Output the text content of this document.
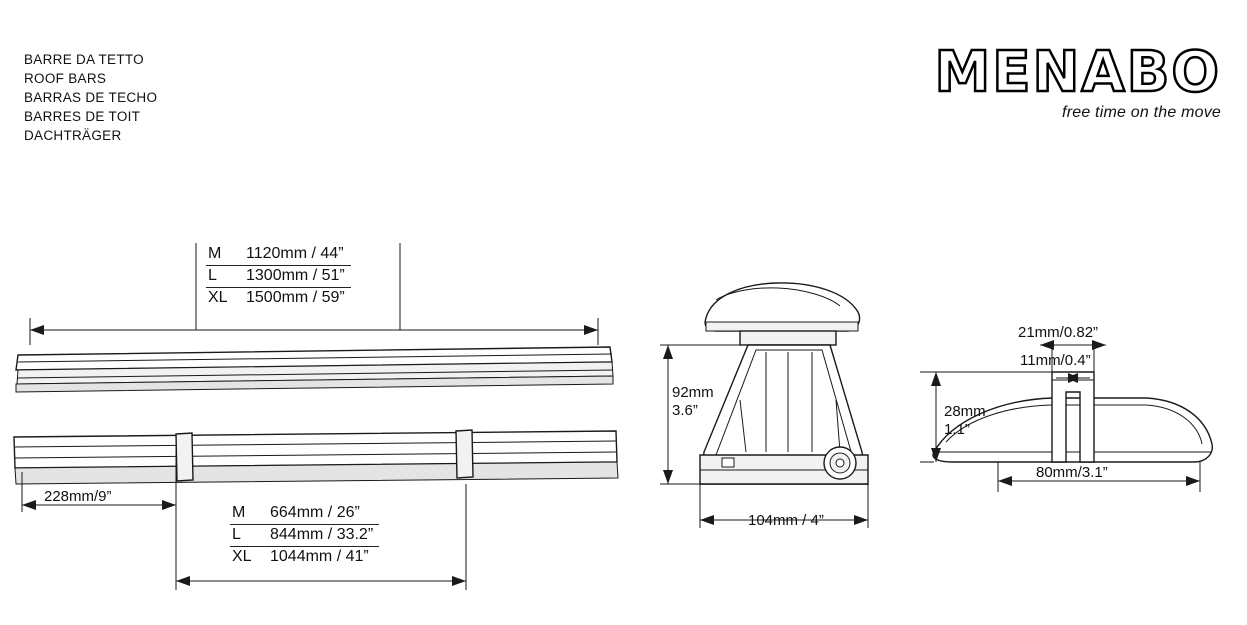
BARRE DA TETTO
ROOF BARS
BARRAS DE TECHO
BARRES DE TOIT
DACHTRÄGER
MENABO
free time on the move
M	1120mm / 44”
L	1300mm / 51”
XL	1500mm / 59”
228mm/9”
M	664mm / 26”
L	844mm / 33.2”
XL	1044mm / 41”
92mm
3.6”
104mm / 4”
21mm/0.82”
11mm/0.4”
28mm
1.1”
80mm/3.1”
